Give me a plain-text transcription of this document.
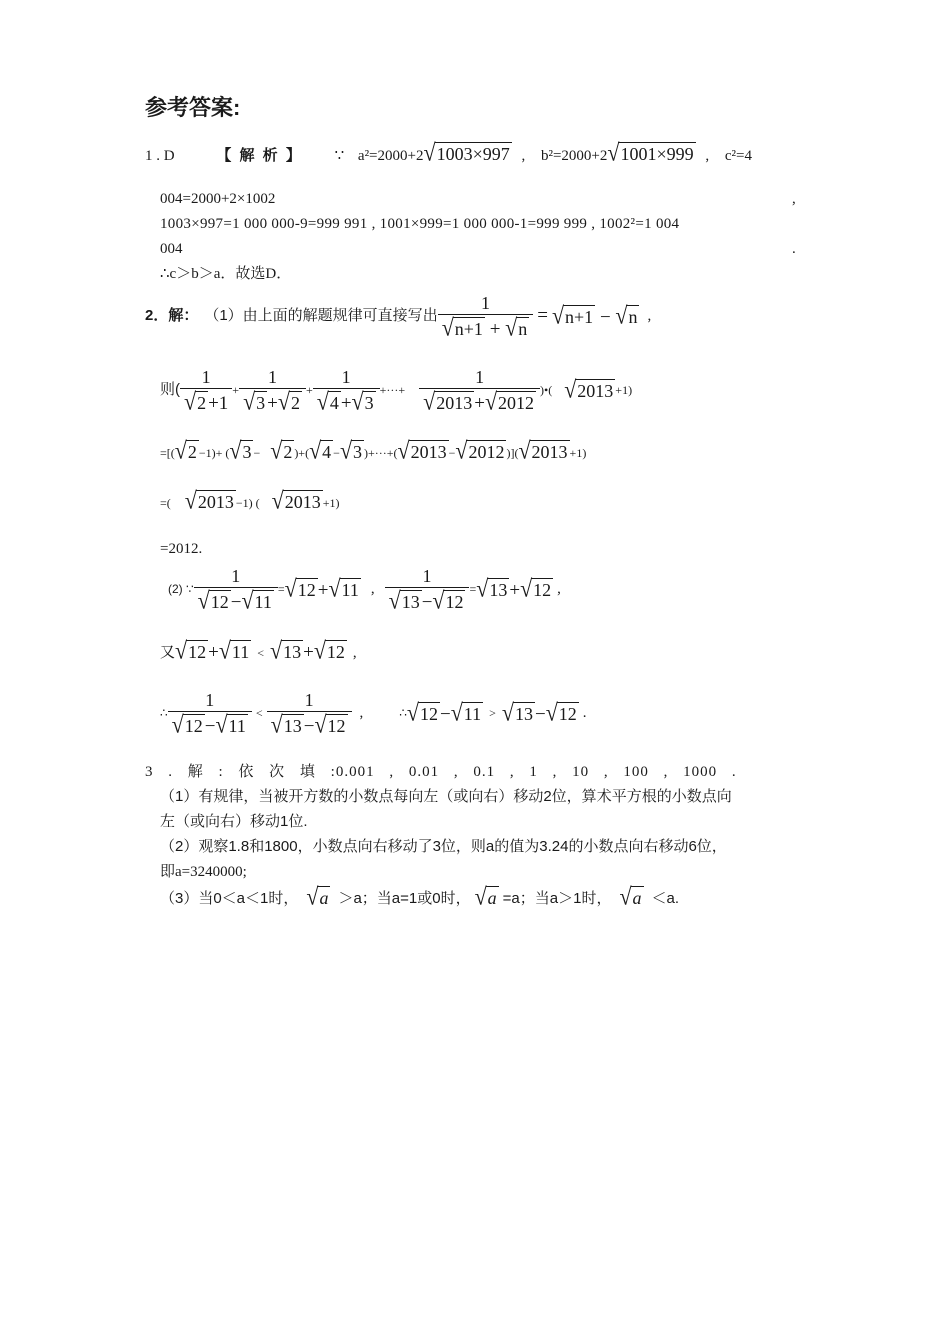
参考答案:
1 . D	【 解 析 】 ∵ a²=2000+2 √ 1003×997 , b²=2000+2 √ 1001×999 , c²=4
004=2000+2×1002	,
1003×997=1 000 000-9=999 991 , 1001×999=1 000 000-1=999 999 , 1002²=1 004
004	.
∴c＞b＞a．故选D．
2．解： （1）由上面的解题规律可直接写出 $\frac{1}{√ n+1 + √ n}$ = √ n+1 − √ n ,
则( $\frac{1}{√ 2 +1} + \frac{1}{√ 3 + √ 2} + \frac{1}{√ 4 + √ 3}$ +···+ $\frac{1}{√ 2013 + √ 2012}$ )•( √ 2013 +1)
=[( √ 2 −1)+ ( √ 3 − √ 2 )+( √ 4 − √ 3 )+···+( √ 2013 − √ 2012 )]( √ 2013 +1)
=( √ 2013 −1) ( √ 2013 +1)
=2012.
(2) ∵ $\frac{1}{√ 12 - √ 11}$ = √ 12 + √ 11 , $\frac{1}{√ 13 - √ 12}$ = √ 13 + √ 12 ,
又 √ 12 + √ 11 < √ 13 + √ 12 ,
∴ $\frac{1}{√ 12 - √ 11} < \frac{1}{√ 13 - √ 12}$ ,	∴ √ 12 − √ 11 > √ 13 − √ 12 .
3 . 解 : 依 次 填 :0.001 , 0.01 , 0.1 , 1 , 10 , 100 , 1000 .
（1）有规律，当被开方数的小数点每向左（或向右）移动2位，算术平方根的小数点向
左（或向右）移动1位.
（2）观察1.8和1800，小数点向右移动了3位，则a的值为3.24的小数点向右移动6位，
即a=3240000;
（3）当0＜a＜1时， √ a ＞a；当a=1或0时， √ a =a；当a＞1时， √ a ＜a.
